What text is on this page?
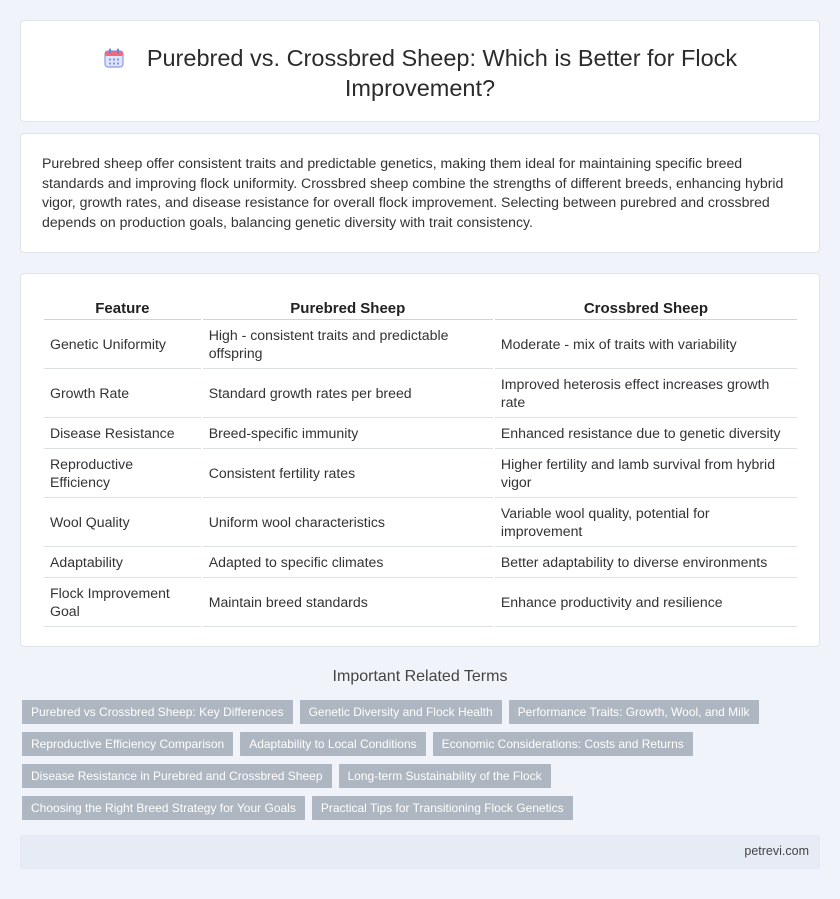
Purebred vs. Crossbred Sheep: Which is Better for Flock Improvement?

Purebred sheep offer consistent traits and predictable genetics, making them ideal for maintaining specific breed standards and improving flock uniformity. Crossbred sheep combine the strengths of different breeds, enhancing hybrid vigor, growth rates, and disease resistance for overall flock improvement. Selecting between purebred and crossbred depends on production goals, balancing genetic diversity with trait consistency.

Feature	Purebred Sheep	Crossbred Sheep
Genetic Uniformity	High - consistent traits and predictable offspring	Moderate - mix of traits with variability
Growth Rate	Standard growth rates per breed	Improved heterosis effect increases growth rate
Disease Resistance	Breed-specific immunity	Enhanced resistance due to genetic diversity
Reproductive Efficiency	Consistent fertility rates	Higher fertility and lamb survival from hybrid vigor
Wool Quality	Uniform wool characteristics	Variable wool quality, potential for improvement
Adaptability	Adapted to specific climates	Better adaptability to diverse environments
Flock Improvement Goal	Maintain breed standards	Enhance productivity and resilience
Important Related Terms
Purebred vs Crossbred Sheep: Key Differences	Genetic Diversity and Flock Health	Performance Traits: Growth, Wool, and Milk
Reproductive Efficiency Comparison	Adaptability to Local Conditions	Economic Considerations: Costs and Returns
Disease Resistance in Purebred and Crossbred Sheep	Long-term Sustainability of the Flock
Choosing the Right Breed Strategy for Your Goals	Practical Tips for Transitioning Flock Genetics
petrevi.com
